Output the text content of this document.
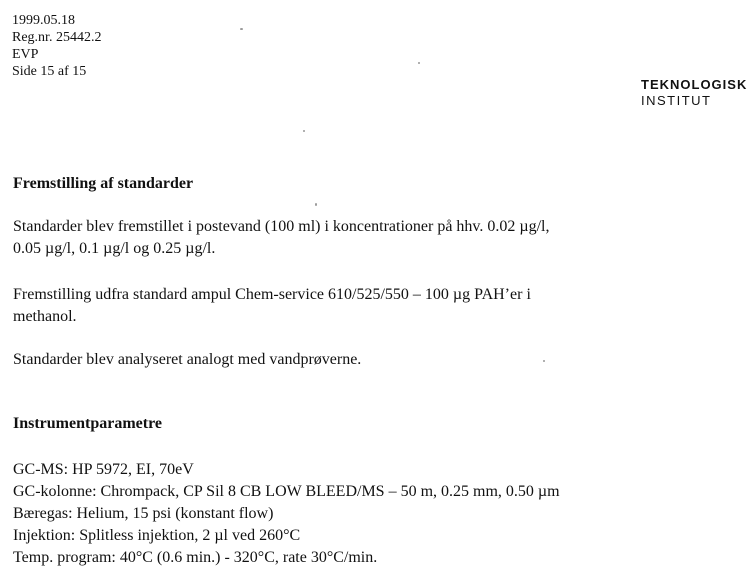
1999.05.18
Reg.nr. 25442.2
EVP
Side 15 af 15
TEKNOLOGISK
INSTITUT
Fremstilling af standarder
Standarder blev fremstillet i postevand (100 ml) i koncentrationer på hhv. 0.02 µg/l,
0.05 µg/l, 0.1 µg/l og 0.25 µg/l.
Fremstilling udfra standard ampul Chem-service 610/525/550 – 100 µg PAH’er i
methanol.
Standarder blev analyseret analogt med vandprøverne.
Instrumentparametre
GC-MS: HP 5972, EI, 70eV
GC-kolonne: Chrompack, CP Sil 8 CB LOW BLEED/MS – 50 m, 0.25 mm, 0.50 µm
Bæregas: Helium, 15 psi (konstant flow)
Injektion: Splitless injektion, 2 µl ved 260°C
Temp. program: 40°C (0.6 min.) - 320°C, rate 30°C/min.
